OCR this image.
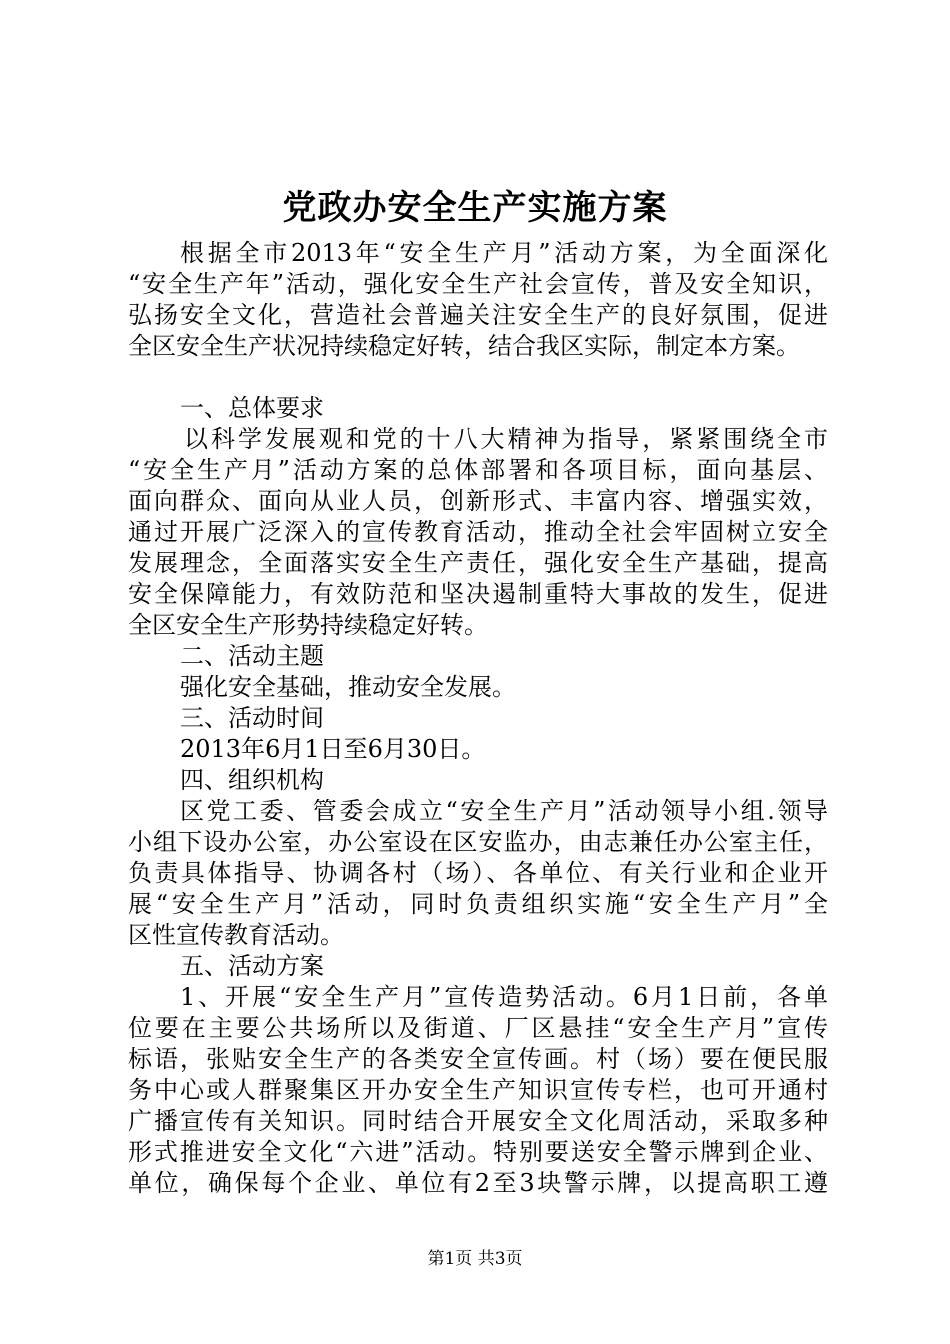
党政办安全生产实施方案
根据全市2013年“安全生产月”活动方案，为全面深化
“安全生产年”活动，强化安全生产社会宣传，普及安全知识，
弘扬安全文化，营造社会普遍关注安全生产的良好氛围，促进
全区安全生产状况持续稳定好转，结合我区实际，制定本方案。
一、总体要求
以科学发展观和党的十八大精神为指导，紧紧围绕全市
“安全生产月”活动方案的总体部署和各项目标，面向基层、
面向群众、面向从业人员，创新形式、丰富内容、增强实效，
通过开展广泛深入的宣传教育活动，推动全社会牢固树立安全
发展理念，全面落实安全生产责任，强化安全生产基础，提高
安全保障能力，有效防范和坚决遏制重特大事故的发生，促进
全区安全生产形势持续稳定好转。
二、活动主题
强化安全基础，推动安全发展。
三、活动时间
2013年6月1日至6月30日。
四、组织机构
区党工委、管委会成立“安全生产月”活动领导小组.领导
小组下设办公室，办公室设在区安监办，由志兼任办公室主任，
负责具体指导、协调各村（场）、各单位、有关行业和企业开
展“安全生产月”活动，同时负责组织实施“安全生产月”全
区性宣传教育活动。
五、活动方案
1、开展“安全生产月”宣传造势活动。6月1日前，各单
位要在主要公共场所以及街道、厂区悬挂“安全生产月”宣传
标语，张贴安全生产的各类安全宣传画。村（场）要在便民服
务中心或人群聚集区开办安全生产知识宣传专栏，也可开通村
广播宣传有关知识。同时结合开展安全文化周活动，采取多种
形式推进安全文化“六进”活动。特别要送安全警示牌到企业、
单位，确保每个企业、单位有2至3块警示牌，以提高职工遵
第1页 共3页
